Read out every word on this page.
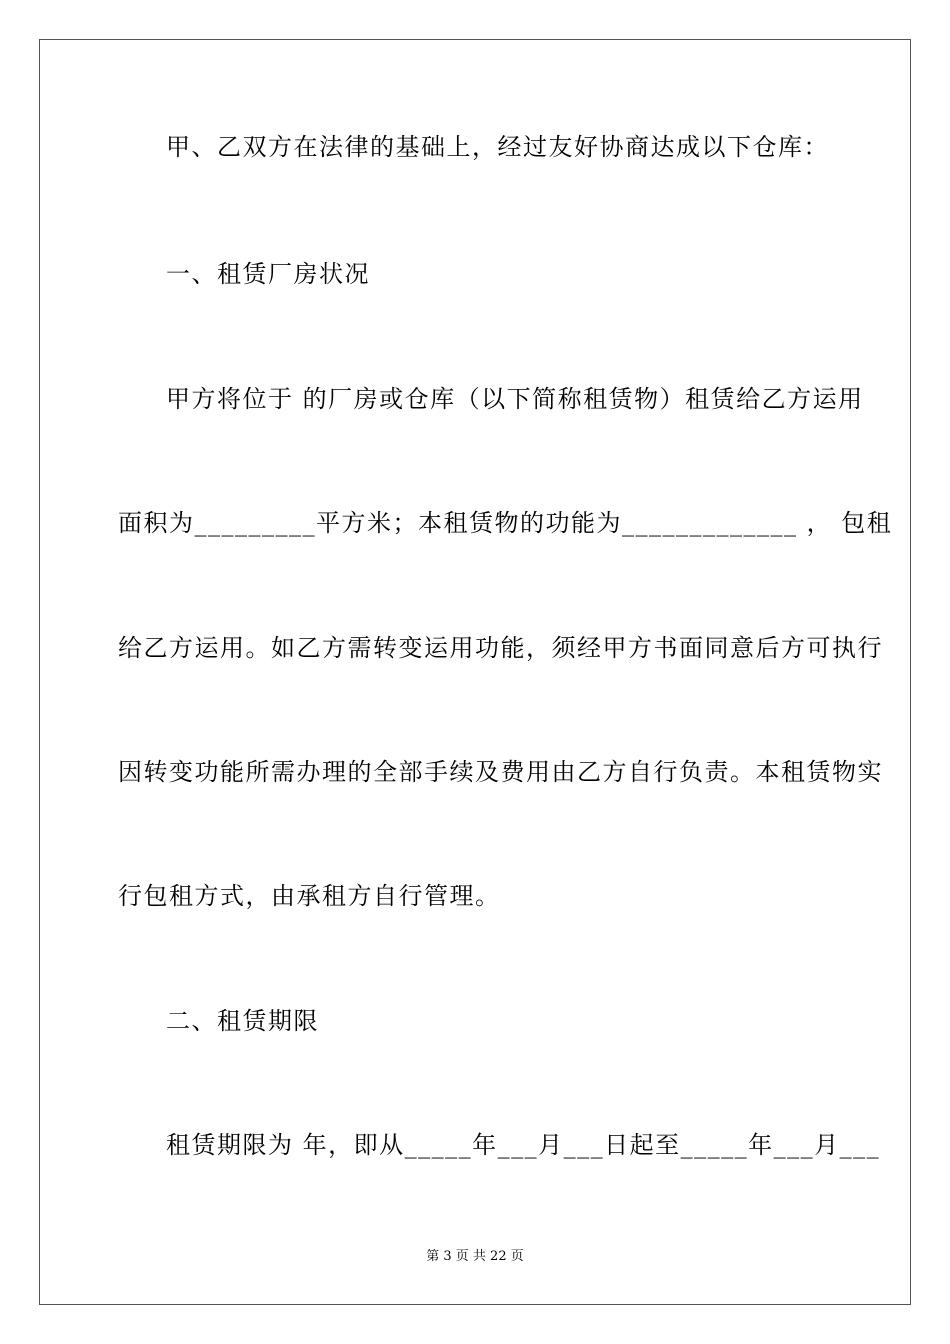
甲、乙双方在法律的基础上，经过友好协商达成以下仓库：
一、租赁厂房状况
甲方将位于 的厂房或仓库（以下简称租赁物）租赁给乙方运用
面积为_________平方米；本租赁物的功能为_____________ ， 包租
给乙方运用。如乙方需转变运用功能，须经甲方书面同意后方可执行
因转变功能所需办理的全部手续及费用由乙方自行负责。本租赁物实
行包租方式，由承租方自行管理。
二、租赁期限
租赁期限为 年，即从_____年___月___日起至_____年___月___
第 3 页 共 22 页
